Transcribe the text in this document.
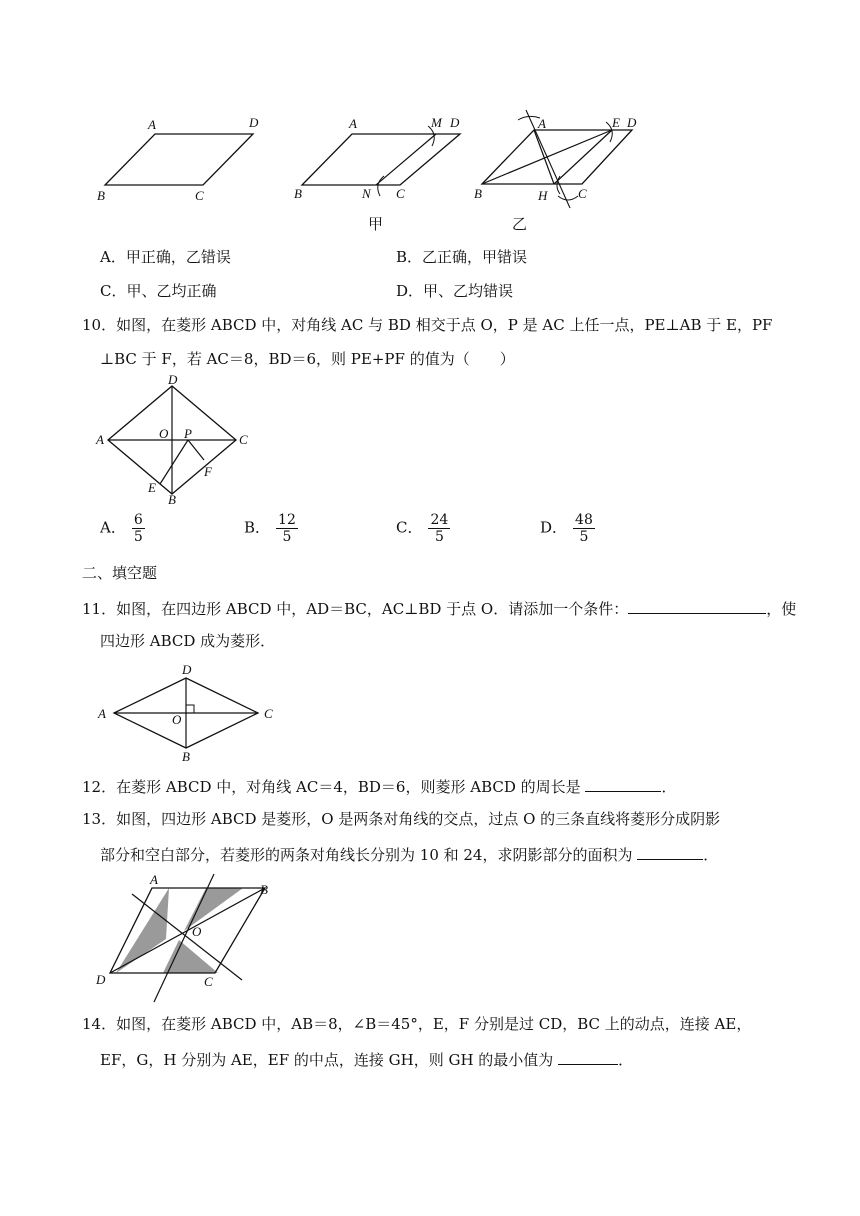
A	D
B	C
A	M D
B	N C
甲
A	E D
B	H C
乙
A．甲正确，乙错误	B．乙正确，甲错误
C．甲、乙均正确	D．甲、乙均错误
10．如图，在菱形 ABCD 中，对角线 AC 与 BD 相交于点 O，P 是 AC 上任一点，PE⊥AB 于 E，PF
⊥BC 于 F，若 AC＝8，BD＝6，则 PE+PF 的值为（　　）
D
A	O P	C
F
E
B
A． $\frac{6}{5}$	B． $\frac{12}{5}$	C． $\frac{24}{5}$	D． $\frac{48}{5}$
二、填空题
11．如图，在四边形 ABCD 中，AD＝BC，AC⊥BD 于点 O．请添加一个条件：	，使
四边形 ABCD 成为菱形．
D
A	O	C
B
12．在菱形 ABCD 中，对角线 AC＝4，BD＝6，则菱形 ABCD 的周长是	．
13．如图，四边形 ABCD 是菱形，O 是两条对角线的交点，过点 O 的三条直线将菱形分成阴影
部分和空白部分，若菱形的两条对角线长分别为 10 和 24，求阴影部分的面积为	．
A
B
O
D	C
14．如图，在菱形 ABCD 中，AB＝8，∠B＝45°，E，F 分别是过 CD，BC 上的动点，连接 AE，
EF，G，H 分别为 AE，EF 的中点，连接 GH，则 GH 的最小值为	．
